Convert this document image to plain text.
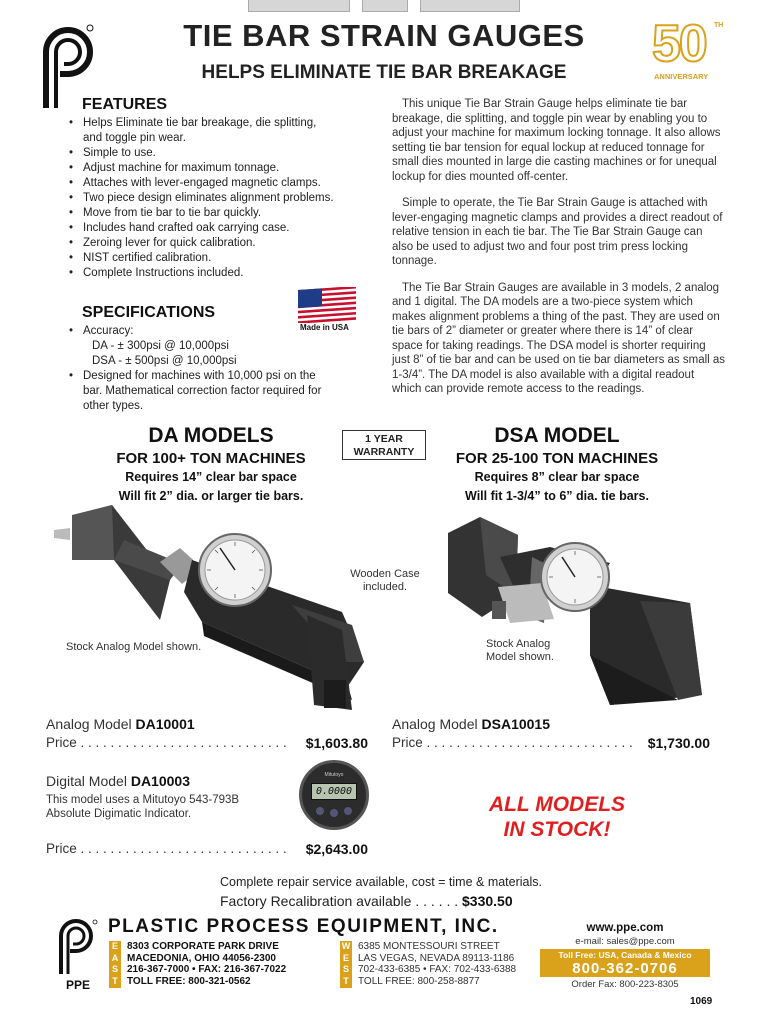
TIE BAR STRAIN GAUGES
HELPS ELIMINATE TIE BAR BREAKAGE	50 TH
ANNIVERSARY
FEATURES
• Helps Eliminate tie bar breakage, die splitting,
and toggle pin wear.
• Simple to use.
• Adjust machine for maximum tonnage.
• Attaches with lever-engaged magnetic clamps.
• Two piece design eliminates alignment problems.
• Move from tie bar to tie bar quickly.
• Includes hand crafted oak carrying case.
• Zeroing lever for quick calibration.
• NIST certified calibration.
• Complete Instructions included.
SPECIFICATIONS
• Accuracy:
DA - ± 300psi @ 10,000psi
DSA - ± 500psi @ 10,000psi
• Designed for machines with 10,000 psi on the
bar. Mathematical correction factor required for
other types.
Made in USA

This unique Tie Bar Strain Gauge helps eliminate tie bar breakage, die splitting, and toggle pin wear by enabling you to adjust your machine for maximum locking tonnage. It also allows setting tie bar tension for equal lockup at reduced tonnage for small dies mounted in large die casting machines or for unequal lockup for dies mounted off-center.

Simple to operate, the Tie Bar Strain Gauge is attached with lever-engaging magnetic clamps and provides a direct readout of relative tension in each tie bar. The Tie Bar Strain Gauge can also be used to adjust two and four post trim press locking tonnage.

The Tie Bar Strain Gauges are available in 3 models, 2 analog and 1 digital. The DA models are a two-piece system which makes alignment problems a thing of the past. They are used on tie bars of 2” diameter or greater where there is 14” of clear space for taking readings. The DSA model is shorter requiring just 8” of tie bar and can be used on tie bar diameters as small as 1-3/4”. The DA model is also available with a digital readout which can provide remote access to the readings.

DA MODELS
FOR 100+ TON MACHINES
Requires 14” clear bar space
Will fit 2” dia. or larger tie bars.
1 YEAR
WARRANTY
DSA MODEL
FOR 25-100 TON MACHINES
Requires 8” clear bar space
Will fit 1-3/4” to 6” dia. tie bars.
Stock Analog Model shown.
Wooden Case
included.
Stock Analog
Model shown.
Analog Model DA10001
Price . . . . . . . . . . . . . . . . . . . . . . . . . . . .	$1,603.80
Digital Model DA10003
This model uses a Mitutoyo 543-793B
Absolute Digimatic Indicator.
Mitutoyo
0.0000
Price . . . . . . . . . . . . . . . . . . . . . . . . . . . .	$2,643.00
Analog Model DSA10015
Price . . . . . . . . . . . . . . . . . . . . . . . . . . . .	$1,730.00
ALL MODELS
IN STOCK!
Complete repair service available, cost = time & materials.
Factory Recalibration available . . . . . . $330.50
PPE
PLASTIC PROCESS EQUIPMENT, INC.
E
A
S
T
8303 CORPORATE PARK DRIVE
MACEDONIA, OHIO 44056-2300
216-367-7000 • FAX: 216-367-7022
TOLL FREE: 800-321-0562
W
E
S
T
6385 MONTESSOURI STREET
LAS VEGAS, NEVADA 89113-1186
702-433-6385 • FAX: 702-433-6388
TOLL FREE: 800-258-8877
www.ppe.com
e-mail: sales@ppe.com
Toll Free: USA, Canada & Mexico
800-362-0706
Order Fax: 800-223-8305
1069
